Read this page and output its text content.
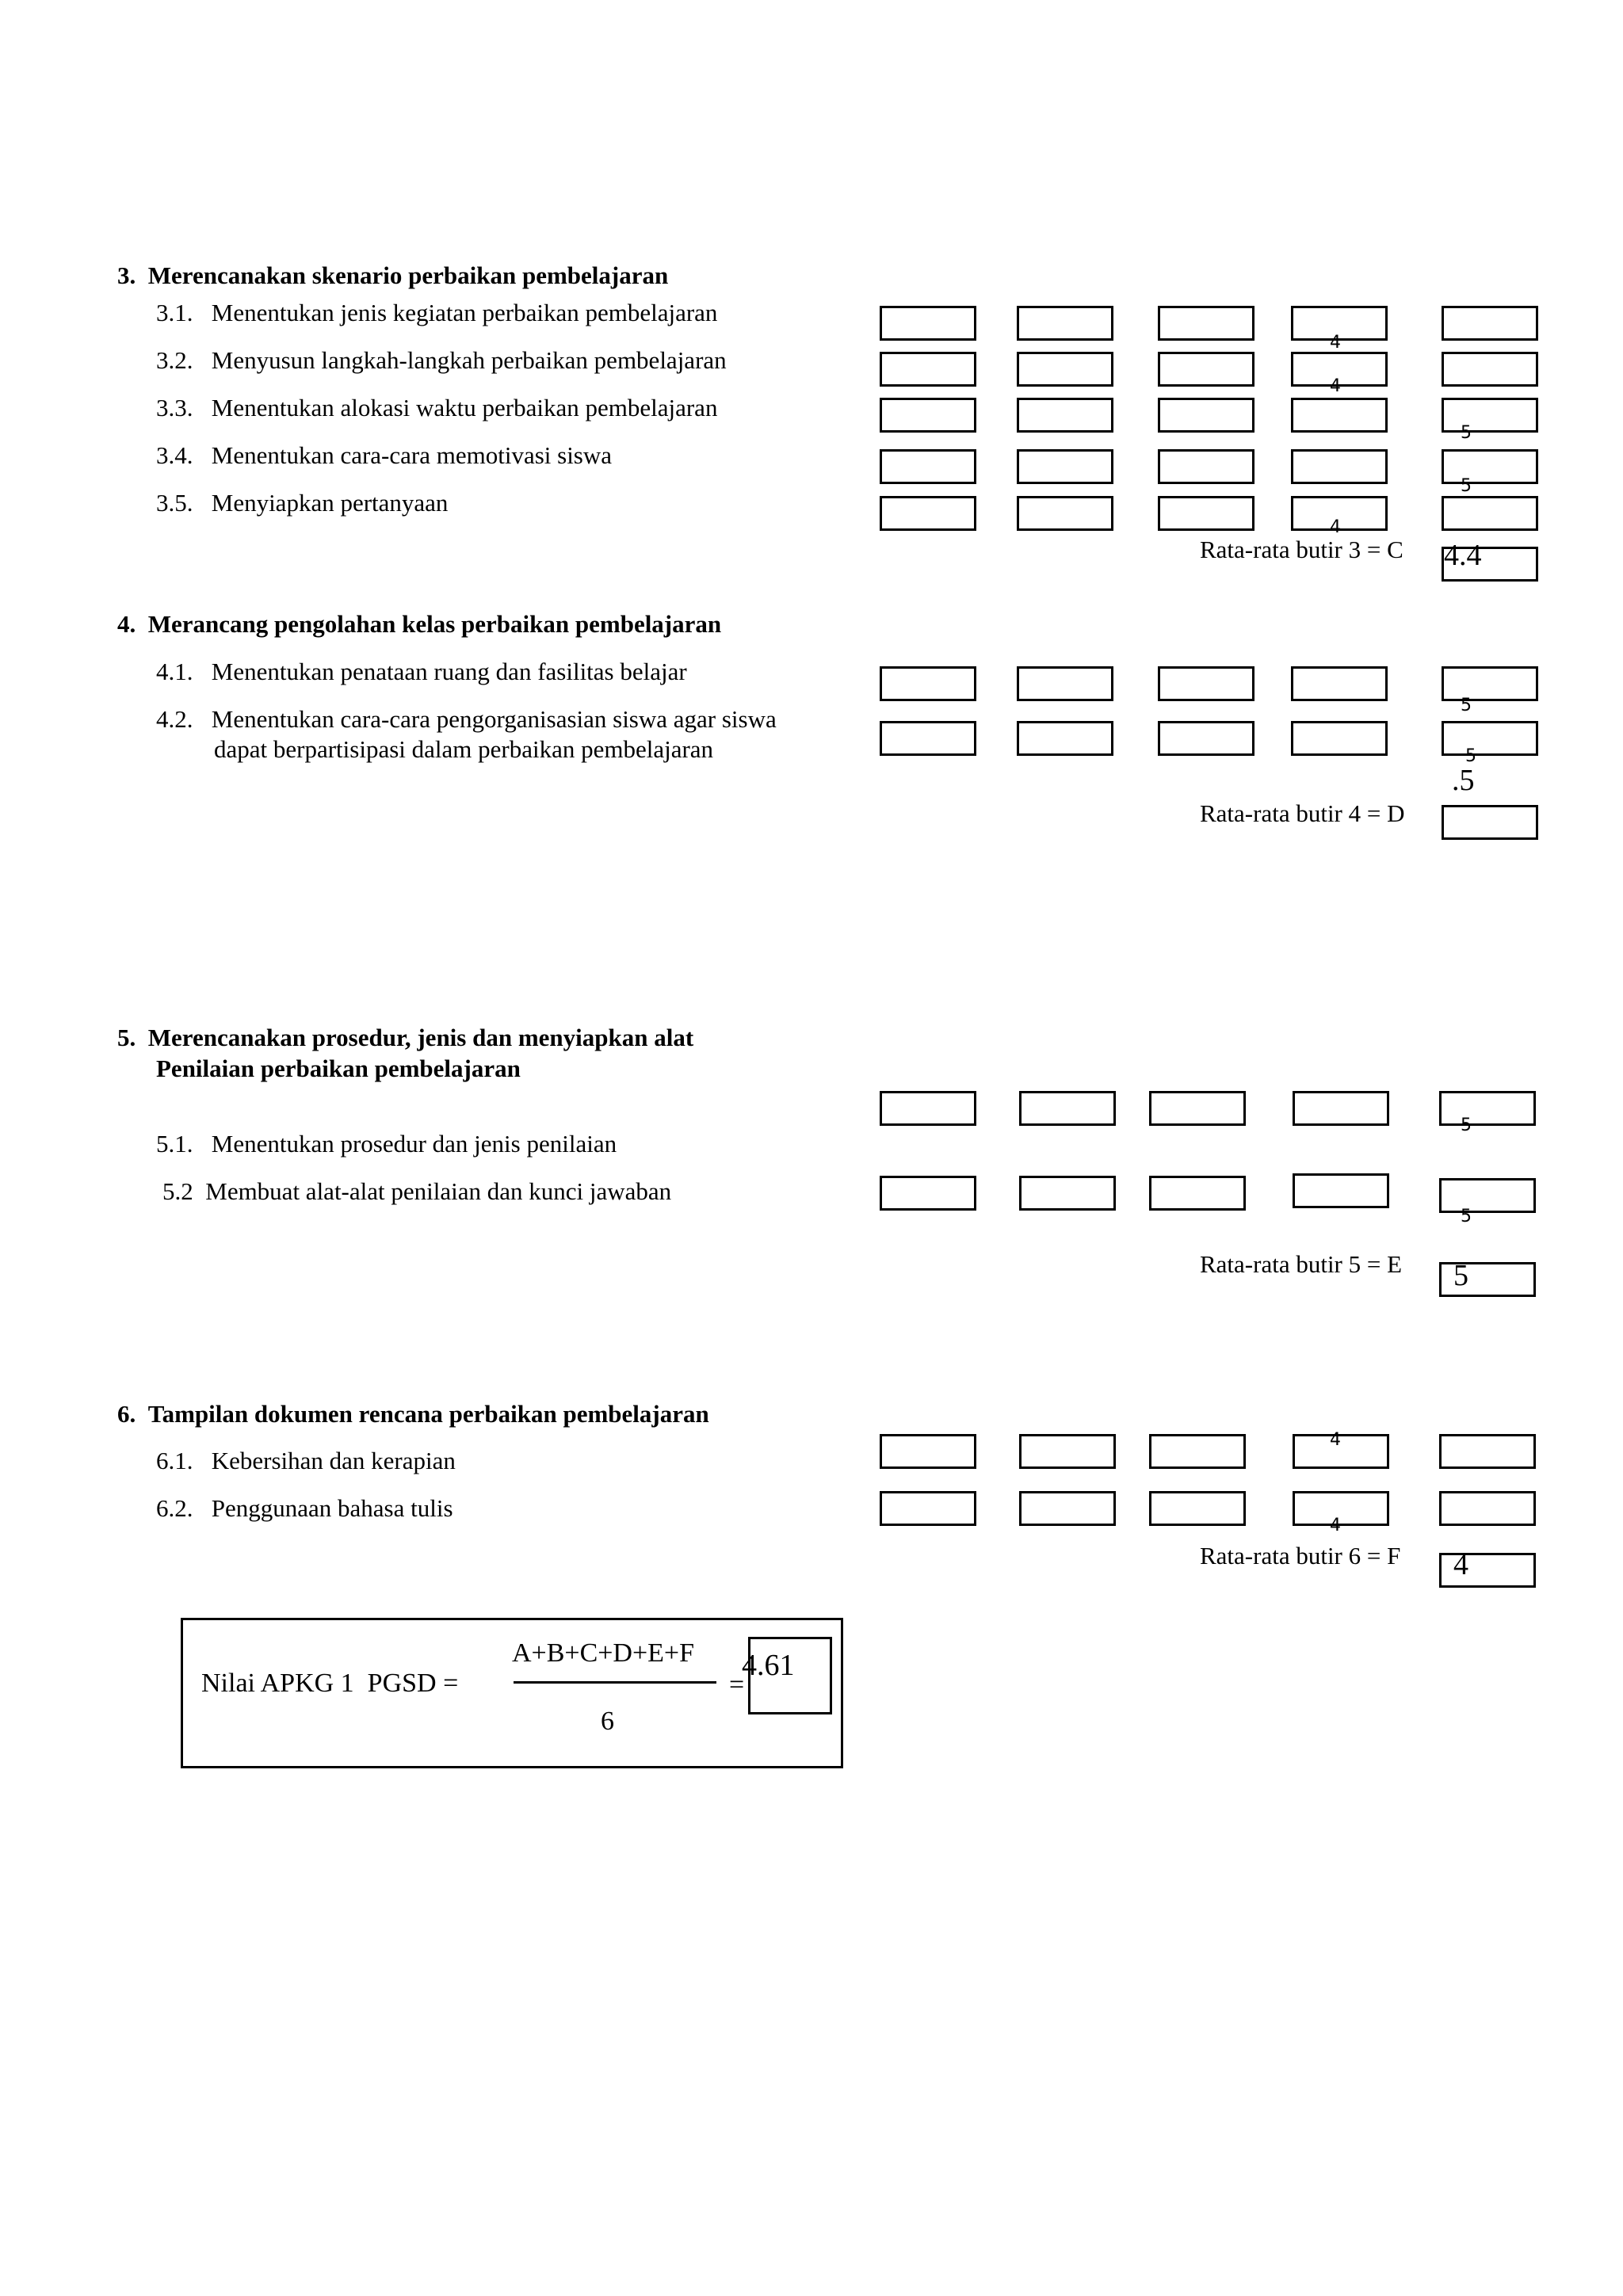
3.  Merencanakan skenario perbaikan pembelajaran
3.1.   Menentukan jenis kegiatan perbaikan pembelajaran
3.2.   Menyusun langkah-langkah perbaikan pembelajaran
3.3.   Menentukan alokasi waktu perbaikan pembelajaran
3.4.   Menentukan cara-cara memotivasi siswa
3.5.   Menyiapkan pertanyaan
4
4
5
5
4
Rata-rata butir 3 = C 4.4
4.  Merancang pengolahan kelas perbaikan pembelajaran
4.1.   Menentukan penataan ruang dan fasilitas belajar
4.2.   Menentukan cara-cara pengorganisasian siswa agar siswa
dapat berpartisipasi dalam perbaikan pembelajaran
5
5
.5
Rata-rata butir 4 = D
5.  Merencanakan prosedur, jenis dan menyiapkan alat
Penilaian perbaikan pembelajaran
5.1.   Menentukan prosedur dan jenis penilaian
5.2  Membuat alat-alat penilaian dan kunci jawaban
5
5
Rata-rata butir 5 = E 5
6.  Tampilan dokumen rencana perbaikan pembelajaran
6.1.   Kebersihan dan kerapian
6.2.   Penggunaan bahasa tulis
4
4
Rata-rata butir 6 = F 4
Nilai APKG 1  PGSD =
A+B+C+D+E+F
6
=
4.61
